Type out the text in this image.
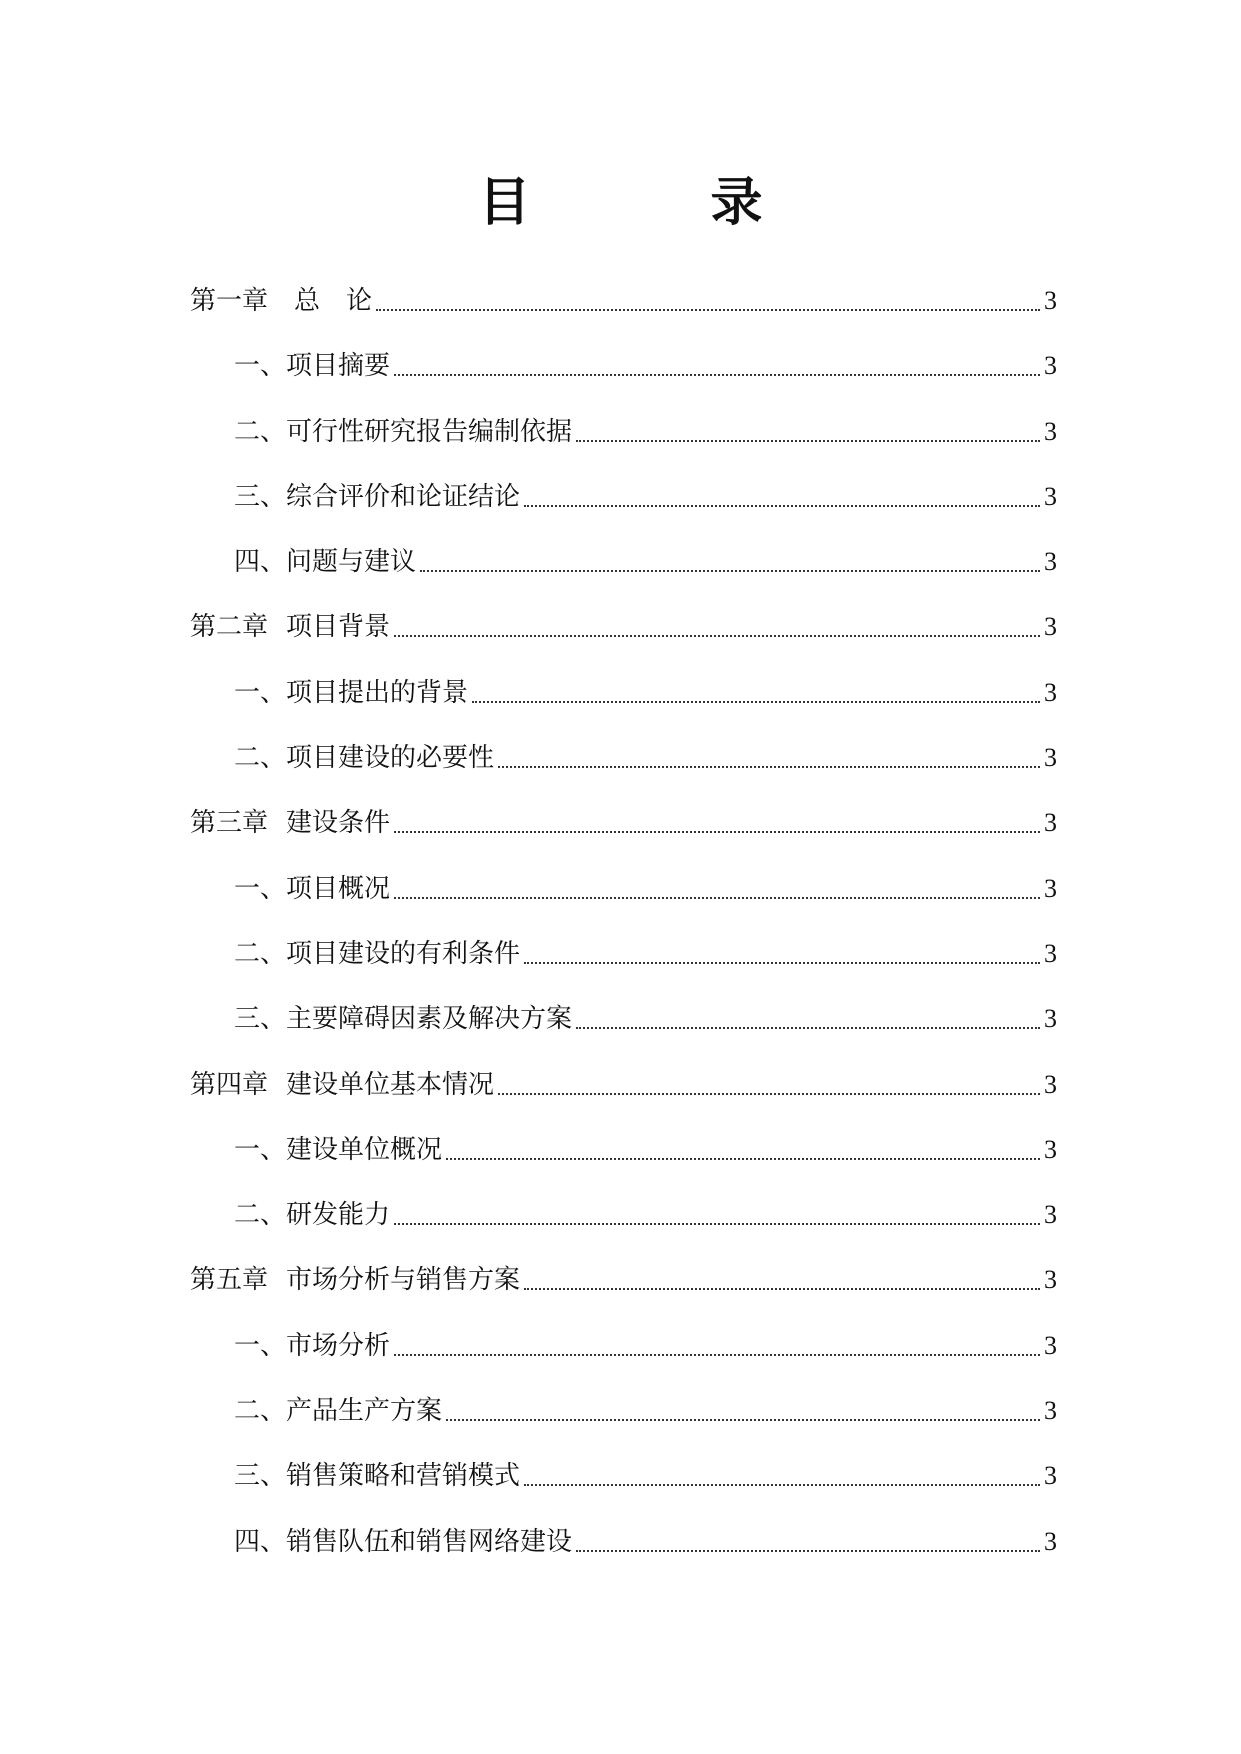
目录
第一章 总　论	3
一、 项目摘要	3
二、 可行性研究报告编制依据	3
三、 综合评价和论证结论	3
四、 问题与建议	3
第二章 项目背景	3
一、 项目提出的背景	3
二、 项目建设的必要性	3
第三章 建设条件	3
一、 项目概况	3
二、 项目建设的有利条件	3
三、 主要障碍因素及解决方案	3
第四章 建设单位基本情况	3
一、 建设单位概况	3
二、 研发能力	3
第五章 市场分析与销售方案	3
一、 市场分析	3
二、 产品生产方案	3
三、 销售策略和营销模式	3
四、 销售队伍和销售网络建设	3
